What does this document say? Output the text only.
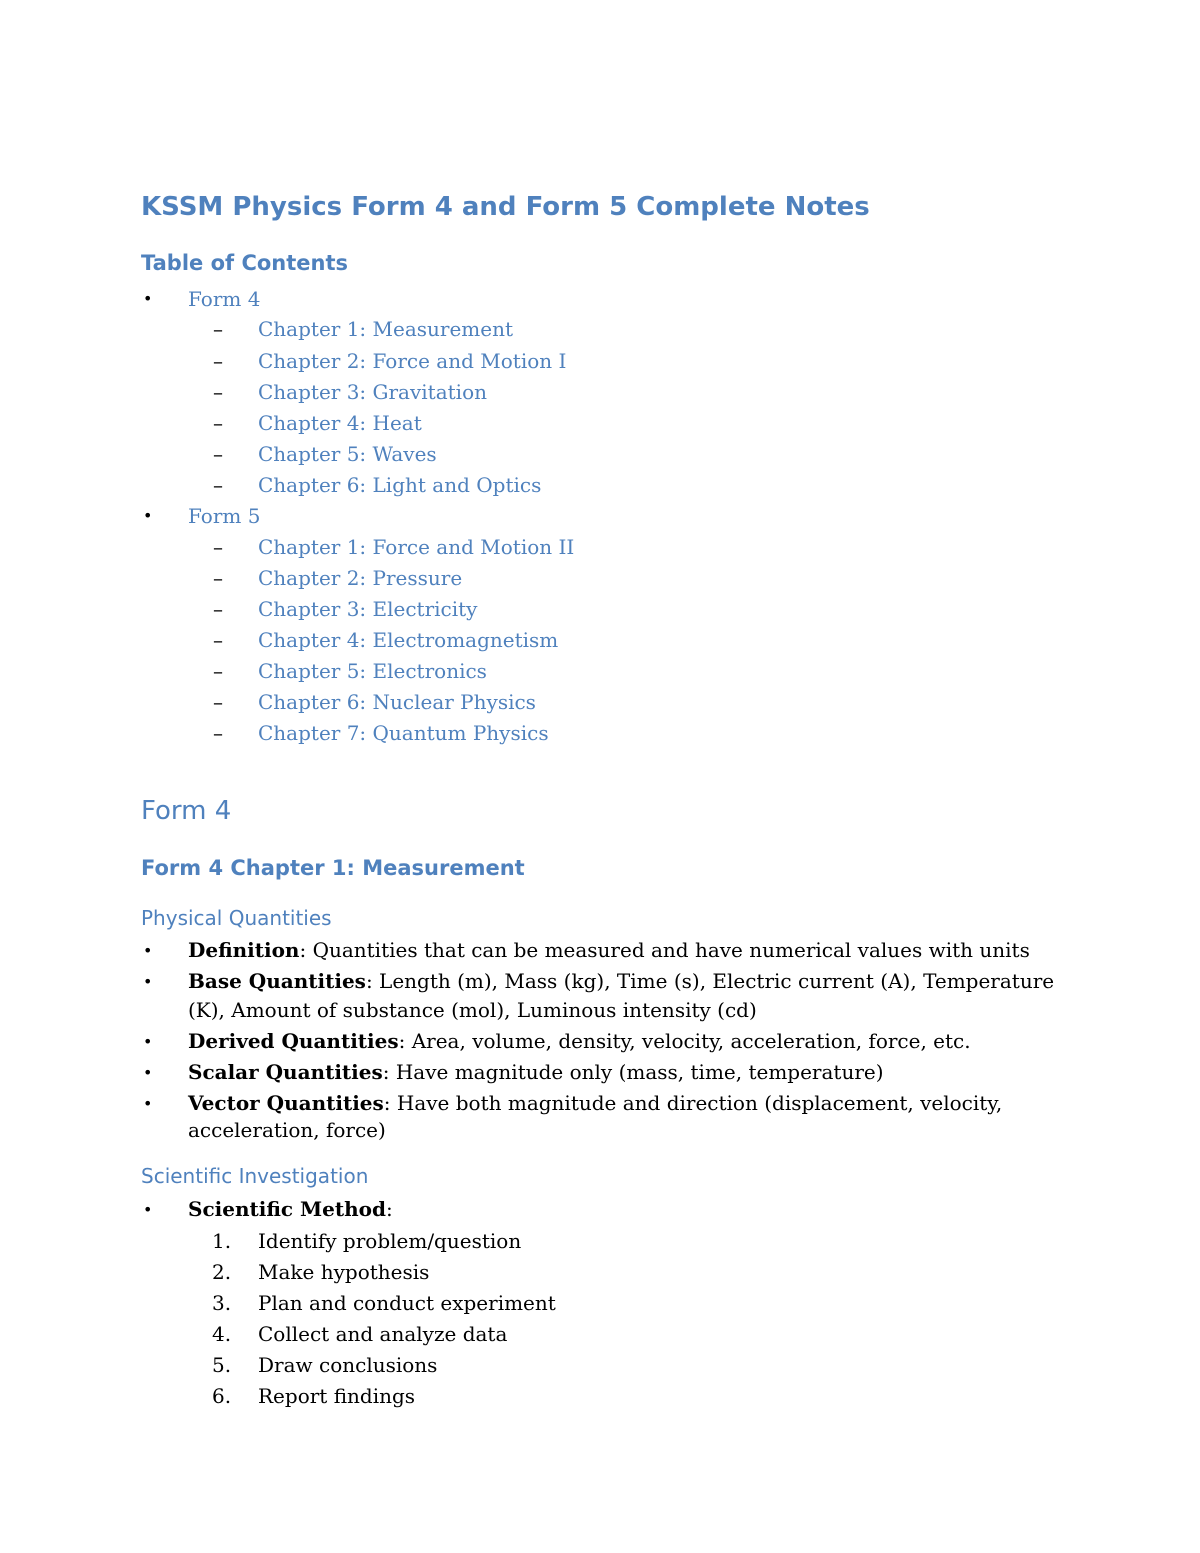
KSSM Physics Form 4 and Form 5 Complete Notes
Table of Contents
• Form 4
– Chapter 1: Measurement
– Chapter 2: Force and Motion I
– Chapter 3: Gravitation
– Chapter 4: Heat
– Chapter 5: Waves
– Chapter 6: Light and Optics
• Form 5
– Chapter 1: Force and Motion II
– Chapter 2: Pressure
– Chapter 3: Electricity
– Chapter 4: Electromagnetism
– Chapter 5: Electronics
– Chapter 6: Nuclear Physics
– Chapter 7: Quantum Physics
Form 4
Form 4 Chapter 1: Measurement
Physical Quantities
• Definition: Quantities that can be measured and have numerical values with units
• Base Quantities: Length (m), Mass (kg), Time (s), Electric current (A), Temperature
(K), Amount of substance (mol), Luminous intensity (cd)
• Derived Quantities: Area, volume, density, velocity, acceleration, force, etc.
• Scalar Quantities: Have magnitude only (mass, time, temperature)
• Vector Quantities: Have both magnitude and direction (displacement, velocity,
acceleration, force)
Scientific Investigation
• Scientific Method:
1. Identify problem/question
2. Make hypothesis
3. Plan and conduct experiment
4. Collect and analyze data
5. Draw conclusions
6. Report findings
